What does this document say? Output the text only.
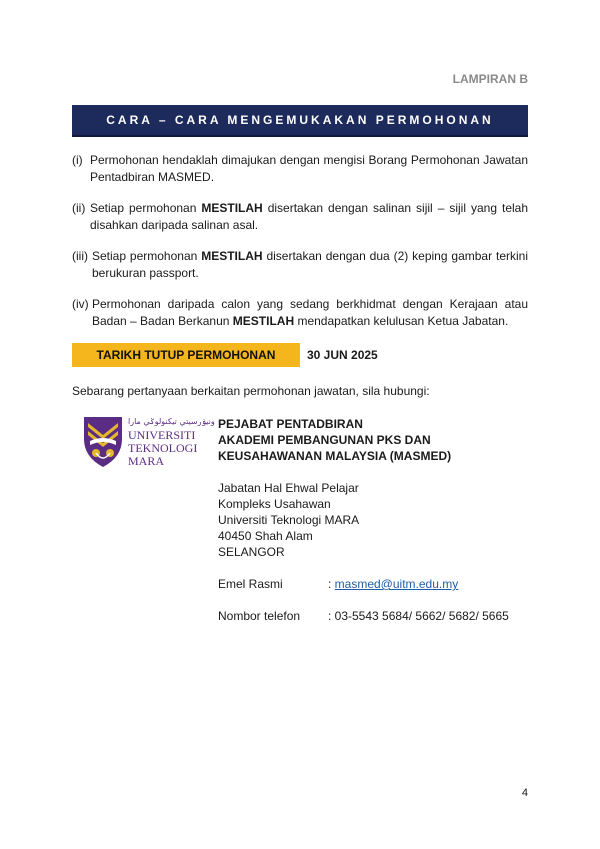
LAMPIRAN B
CARA – CARA MENGEMUKAKAN PERMOHONAN
(i) Permohonan hendaklah dimajukan dengan mengisi Borang Permohonan Jawatan Pentadbiran MASMED.
(ii) Setiap permohonan MESTILAH disertakan dengan salinan sijil – sijil yang telah disahkan daripada salinan asal.
(iii) Setiap permohonan MESTILAH disertakan dengan dua (2) keping gambar terkini berukuran passport.
(iv) Permohonan daripada calon yang sedang berkhidmat dengan Kerajaan atau Badan – Badan Berkanun MESTILAH mendapatkan kelulusan Ketua Jabatan.
TARIKH TUTUP PERMOHONAN	30 JUN 2025
Sebarang pertanyaan berkaitan permohonan jawatan, sila hubungi:
ونيۏرسيتي تيکنولوݢي مارا
UNIVERSITI
TEKNOLOGI
MARA
PEJABAT PENTADBIRAN
AKADEMI PEMBANGUNAN PKS DAN
KEUSAHAWANAN MALAYSIA (MASMED)
Jabatan Hal Ehwal Pelajar
Kompleks Usahawan
Universiti Teknologi MARA
40450 Shah Alam
SELANGOR
Emel Rasmi	: masmed@uitm.edu.my
Nombor telefon	: 03-5543 5684/ 5662/ 5682/ 5665
4
